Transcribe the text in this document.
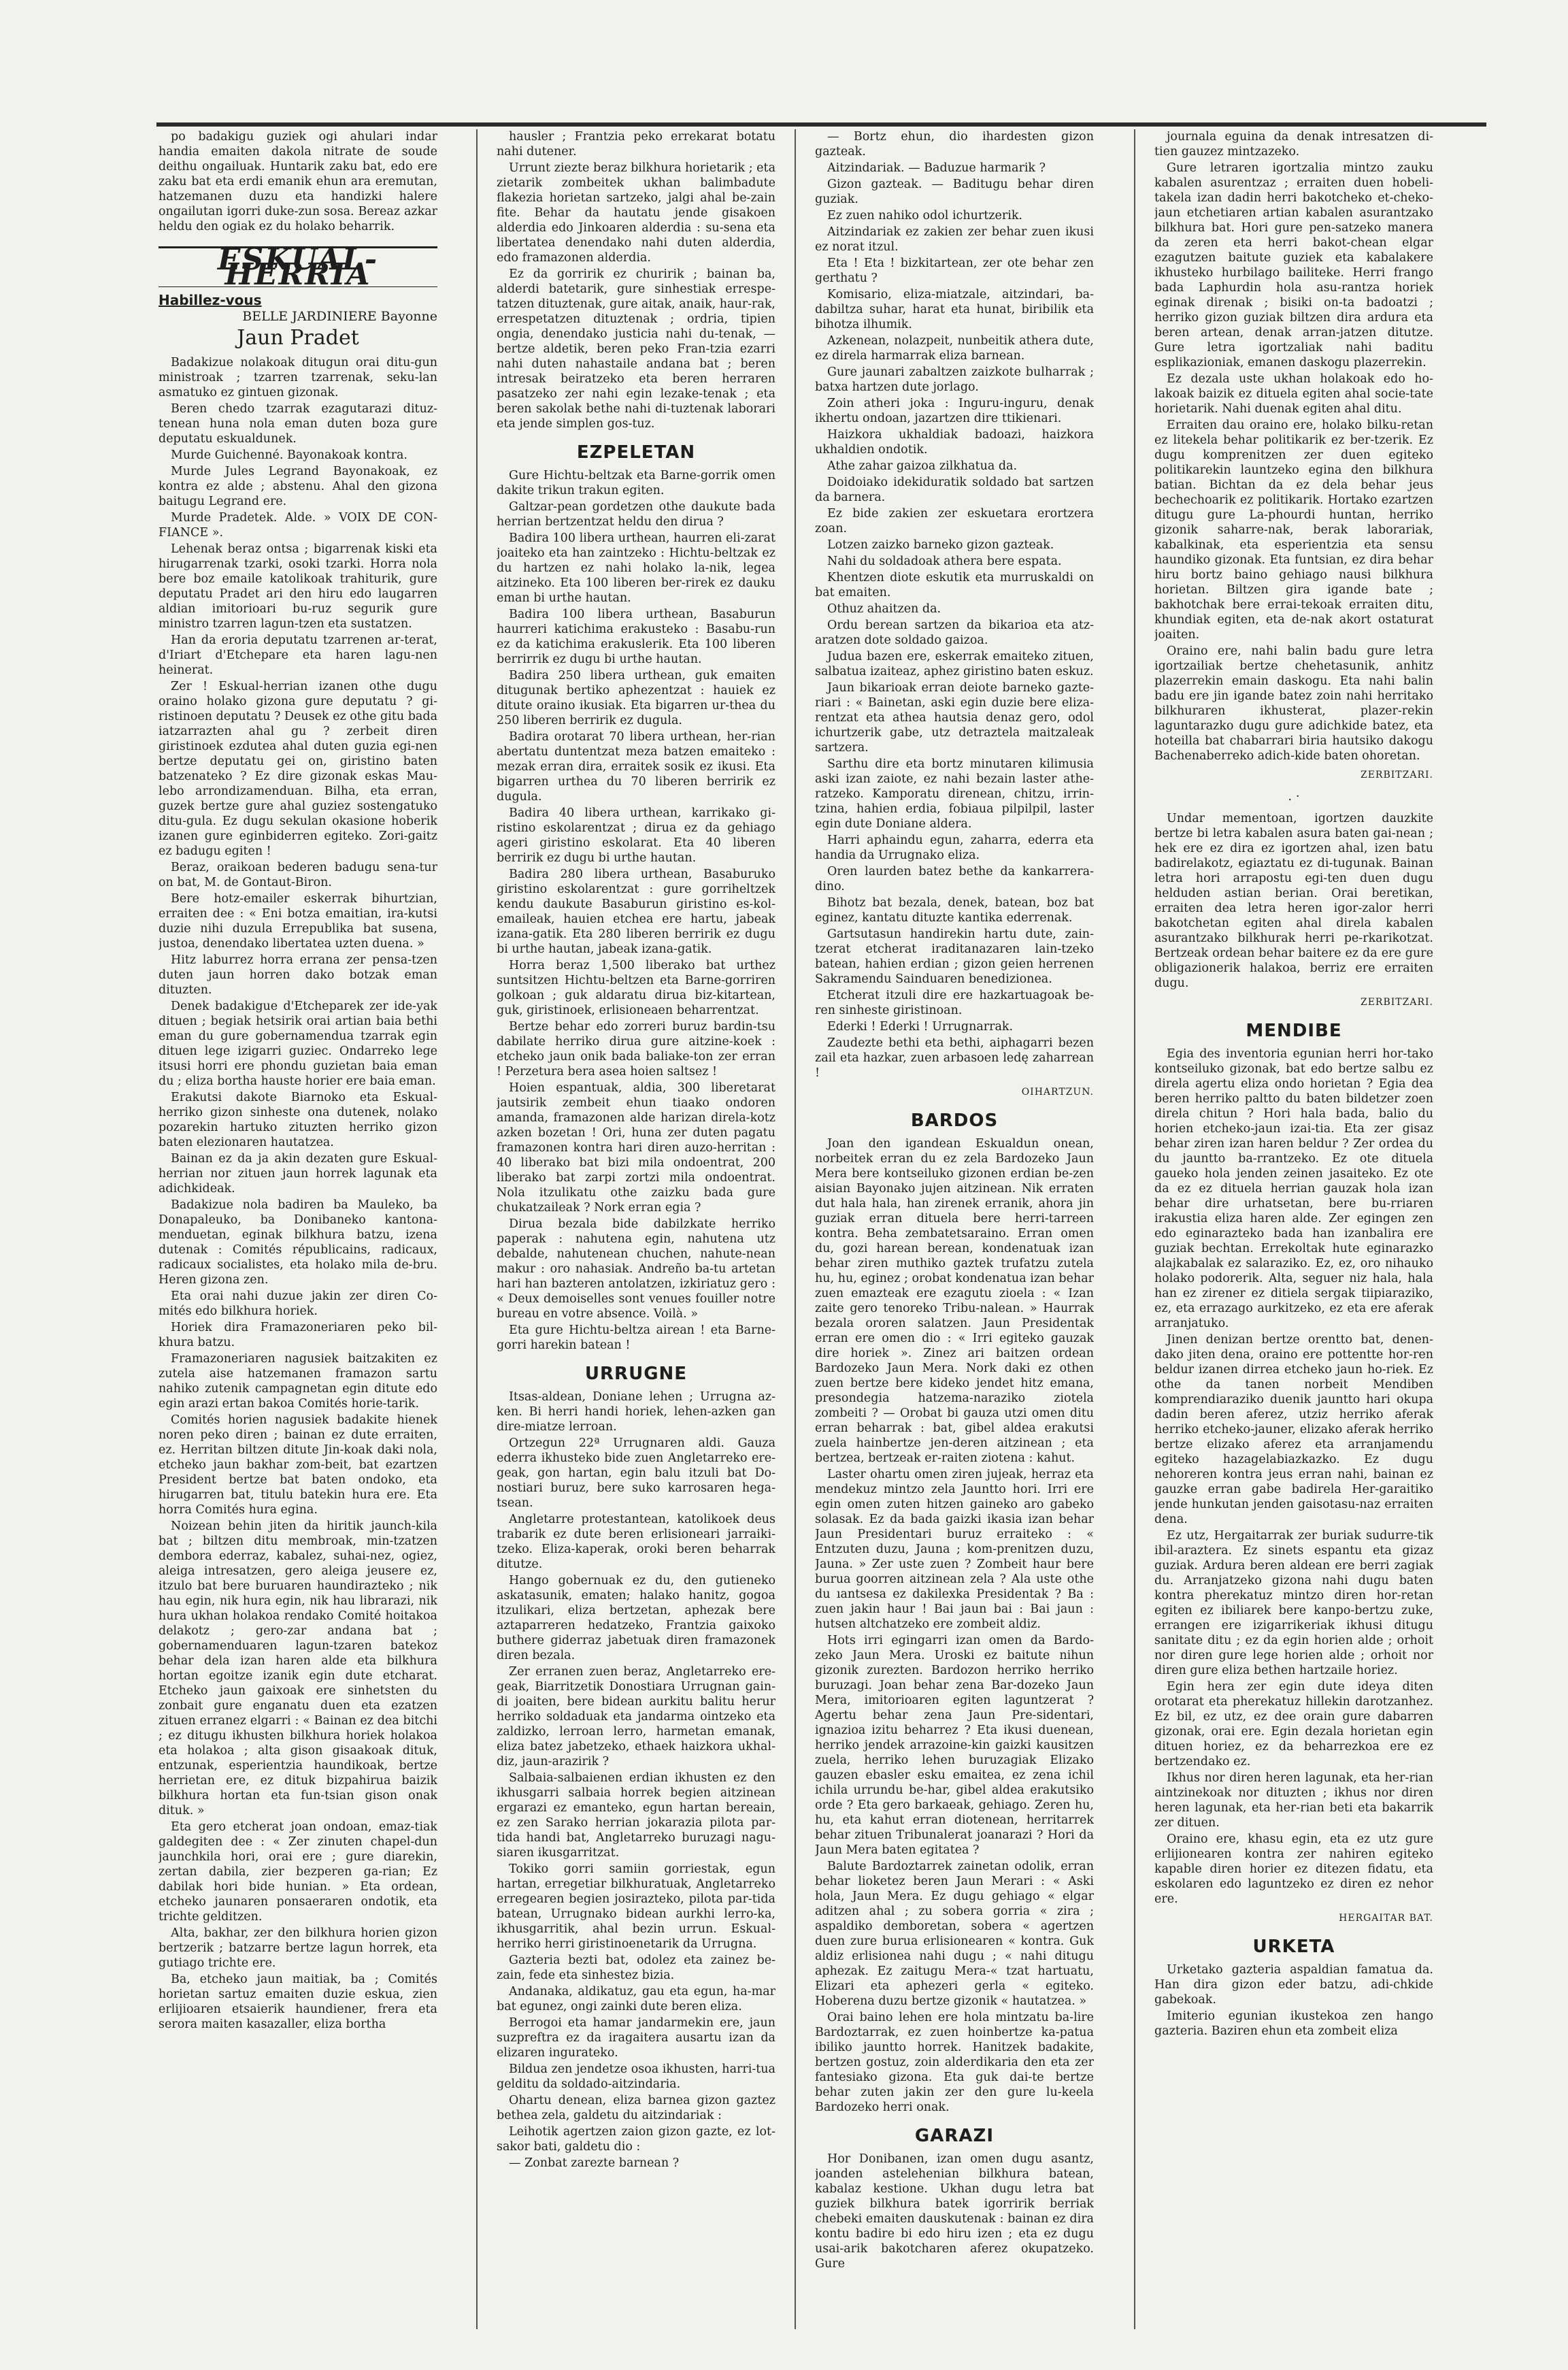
po badakigu guziek ogi ahulari indar handia emaiten dakola nitrate de soude deithu ongailuak. Huntarik zaku bat, edo ere zaku bat eta erdi emanik ehun ara eremutan, hatzemanen duzu eta handizki halere ongailutan igorri duke-zun sosa. Bereaz azkar heldu den ogiak ez du holako beharrik.

ESKUAL-HERRIA
Habillez-vous
BELLE JARDINIERE Bayonne
Jaun Pradet

Badakizue nolakoak ditugun orai ditu-gun ministroak ; tzarren tzarrenak, seku-lan asmatuko ez gintuen gizonak.

Beren chedo tzarrak ezagutarazi dituz-tenean huna nola eman duten boza gure deputatu eskualdunek.

Murde Guichenné. Bayonakoak kontra.

Murde Jules Legrand Bayonakoak, ez kontra ez alde ; abstenu. Ahal den gizona baitugu Legrand ere.

Murde Pradetek. Alde. » VOIX DE CON-FIANCE ».

Lehenak beraz ontsa ; bigarrenak kiski eta hirugarrenak tzarki, osoki tzarki. Horra nola bere boz emaile katolikoak trahiturik, gure deputatu Pradet ari den hiru edo laugarren aldian imitorioari bu-ruz segurik gure ministro tzarren lagun-tzen eta sustatzen.

Han da eroria deputatu tzarrenen ar-terat, d'Iriart d'Etchepare eta haren lagu-nen heinerat.

Zer ! Eskual-herrian izanen othe dugu oraino holako gizona gure deputatu ? gi-ristinoen deputatu ? Deusek ez othe gitu bada iatzarrazten ahal gu ? zerbeit diren giristinoek ezdutea ahal duten guzia egi-nen bertze deputatu gei on, giristino baten batzenateko ? Ez dire gizonak eskas Mau-lebo arrondizamenduan. Bilha, eta erran, guzek bertze gure ahal guziez sostengatuko ditu-gula. Ez dugu sekulan okasione hoberik izanen gure eginbiderren egiteko. Zori-gaitz ez badugu egiten !

Beraz, oraikoan bederen badugu sena-tur on bat, M. de Gontaut-Biron.

Bere hotz-emailer eskerrak bihurtzian, erraiten dee : « Eni botza emaitian, ira-kutsi duzie nihi duzula Errepublika bat susena, justoa, denendako libertatea uzten duena. »

Hitz laburrez horra errana zer pensa-tzen duten jaun horren dako botzak eman dituzten.

Denek badakigue d'Etcheparek zer ide-yak dituen ; begiak hetsirik orai artian baia bethi eman du gure gobernamendua tzarrak egin dituen lege izigarri guziec. Ondarreko lege itsusi horri ere phondu guzietan baia eman du ; eliza bortha hauste horier ere baia eman.

Erakutsi dakote Biarnoko eta Eskual-herriko gizon sinheste ona dutenek, nolako pozarekin hartuko zituzten herriko gizon baten elezionaren hautatzea.

Bainan ez da ja akin dezaten gure Eskual-herrian nor zituen jaun horrek lagunak eta adichkideak.

Badakizue nola badiren ba Mauleko, ba Donapaleuko, ba Donibaneko kantona-menduetan, eginak bilkhura batzu, izena dutenak : Comités républicains, radicaux, radicaux socialistes, eta holako mila de-bru. Heren gizona zen.

Eta orai nahi duzue jakin zer diren Co-mités edo bilkhura horiek.

Horiek dira Framazoneriaren peko bil-khura batzu.

Framazoneriaren nagusiek baitzakiten ez zutela aise hatzemanen framazon sartu nahiko zutenik campagnetan egin ditute edo egin arazi ertan bakoa Comités horie-tarik.

Comités horien nagusiek badakite hienek noren peko diren ; bainan ez dute erraiten, ez. Herritan biltzen ditute Jin-koak daki nola, etcheko jaun bakhar zom-beit, bat ezartzen President bertze bat baten ondoko, eta hirugarren bat, titulu batekin hura ere. Eta horra Comités hura egina.

Noizean behin jiten da hiritik jaunch-kila bat ; biltzen ditu membroak, min-tzatzen dembora ederraz, kabalez, suhai-nez, ogiez, aleiga intresatzen, gero aleiga jeusere ez, itzulo bat bere buruaren haundirazteko ; nik hau egin, nik hura egin, nik hau librarazi, nik hura ukhan holakoa rendako Comité hoitakoa delakotz ; gero-zar andana bat ; gobernamenduaren lagun-tzaren batekoz behar dela izan haren alde eta bilkhura hortan egoitze izanik egin dute etcharat. Etcheko jaun gaixoak ere sinhetsten du zonbait gure enganatu duen eta ezatzen zituen erranez elgarri : « Bainan ez dea bitchi ; ez ditugu ikhusten bilkhura horiek holakoa eta holakoa ; alta gison gisaakoak dituk, entzunak, esperientzia haundikoak, bertze herrietan ere, ez dituk bizpahirua baizik bilkhura hortan eta fun-tsian gison onak dituk. »

Eta gero etcherat joan ondoan, emaz-tiak galdegiten dee : « Zer zinuten chapel-dun jaunchkila hori, orai ere ; gure diarekin, zertan dabila, zier bezperen ga-rian; Ez dabilak hori bide hunian. » Eta ordean, etcheko jaunaren ponsaeraren ondotik, eta trichte gelditzen.

Alta, bakhar, zer den bilkhura horien gizon bertzerik ; batzarre bertze lagun horrek, eta gutiago trichte ere.

Ba, etcheko jaun maitiak, ba ; Comités horietan sartuz emaiten duzie eskua, zien erlijioaren etsaierik haundiener, frera eta serora maiten kasazaller, eliza bortha

hausler ; Frantzia peko errekarat botatu nahi dutener.

Urrunt ziezte beraz bilkhura horietarik ; eta zietarik zombeitek ukhan balimbadute flakezia horietan sartzeko, jalgi ahal be-zain fite. Behar da hautatu jende gisakoen alderdia edo Jinkoaren alderdia : su-sena eta libertatea denendako nahi duten alderdia, edo framazonen alderdia.

Ez da gorririk ez churirik ; bainan ba, alderdi batetarik, gure sinhestiak errespe-tatzen dituztenak, gure aitak, anaik, haur-rak, errespetatzen dituztenak ; ordria, tipien ongia, denendako justicia nahi du-tenak, — bertze aldetik, beren peko Fran-tzia ezarri nahi duten nahastaile andana bat ; beren intresak beiratzeko eta beren herraren pasatzeko zer nahi egin lezake-tenak ; eta beren sakolak bethe nahi di-tuztenak laborari eta jende simplen gos-tuz.

EZPELETAN

Gure Hichtu-beltzak eta Barne-gorrik omen dakite trikun trakun egiten.

Galtzar-pean gordetzen othe daukute bada herrian bertzentzat heldu den dirua ?

Badira 100 libera urthean, haurren eli-zarat joaiteko eta han zaintzeko : Hichtu-beltzak ez du hartzen ez nahi holako la-nik, legea aitzineko. Eta 100 liberen ber-rirek ez dauku eman bi urthe hautan.

Badira 100 libera urthean, Basaburun haurreri katichima erakusteko : Basabu-run ez da katichima erakuslerik. Eta 100 liberen berrirrik ez dugu bi urthe hautan.

Badira 250 libera urthean, guk emaiten ditugunak bertiko aphezentzat : hauiek ez ditute oraino ikusiak. Eta bigarren ur-thea du 250 liberen berririk ez dugula.

Badira orotarat 70 libera urthean, her-rian abertatu duntentzat meza batzen emaiteko : mezak erran dira, erraitek sosik ez ikusi. Eta bigarren urthea du 70 liberen berririk ez dugula.

Badira 40 libera urthean, karrikako gi-ristino eskolarentzat ; dirua ez da gehiago ageri giristino eskolarat. Eta 40 liberen berririk ez dugu bi urthe hautan.

Badira 280 libera urthean, Basaburuko giristino eskolarentzat : gure gorriheltzek kendu daukute Basaburun giristino es-kol-emaileak, hauien etchea ere hartu, jabeak izana-gatik. Eta 280 liberen berririk ez dugu bi urthe hautan, jabeak izana-gatik.

Horra beraz 1,500 liberako bat urthez suntsitzen Hichtu-beltzen eta Barne-gorriren golkoan ; guk aldaratu dirua biz-kitartean, guk, giristinoek, erlisioneaen beharrentzat.

Bertze behar edo zorreri buruz bardin-tsu dabilate herriko dirua gure aitzine-koek : etcheko jaun onik bada baliake-ton zer erran ! Perzetura bera asea hoien saltsez !

Hoien espantuak, aldia, 300 liberetarat jautsirik zembeit ehun tiaako ondoren amanda, framazonen alde harizan direla-kotz azken bozetan ! Ori, huna zer duten pagatu framazonen kontra hari diren auzo-herritan : 40 liberako bat bizi mila ondoentrat, 200 liberako bat zarpi zortzi mila ondoentrat. Nola itzulikatu othe zaizku bada gure chukatzaileak ? Nork erran egia ?

Dirua bezala bide dabilzkate herriko paperak : nahutena egin, nahutena utz debalde, nahutenean chuchen, nahute-nean makur : oro nahasiak. Andreño ba-tu artetan hari han bazteren antolatzen, izkiriatuz gero : « Deux demoiselles sont venues fouiller notre bureau en votre absence. Voilà. »

Eta gure Hichtu-beltza airean ! eta Barne-gorri harekin batean !

URRUGNE

Itsas-aldean, Doniane lehen ; Urrugna az-ken. Bi herri handi horiek, lehen-azken gan dire-miatze lerroan.

Ortzegun 22ª Urrugnaren aldi. Gauza ederra ikhusteko bide zuen Angletarreko ere-geak, gon hartan, egin balu itzuli bat Do-nostiari buruz, bere suko karrosaren hega-tsean.

Angletarre protestantean, katolikoek deus trabarik ez dute beren erlisioneari jarraiki-tzeko. Eliza-kaperak, oroki beren beharrak ditutze.

Hango gobernuak ez du, den gutieneko askatasunik, ematen; halako hanitz, gogoa itzulikari, eliza bertzetan, aphezak bere aztaparreren hedatzeko, Frantzia gaixoko buthere giderraz jabetuak diren framazonek diren bezala.

Zer erranen zuen beraz, Angletarreko ere-geak, Biarritzetik Donostiara Urrugnan gain-di joaiten, bere bidean aurkitu balitu herur herriko soldaduak eta jandarma ointzeko eta zaldizko, lerroan lerro, harmetan emanak, eliza batez jabetzeko, ethaek haizkora ukhal-diz, jaun-arazirik ?

Salbaia-salbaienen erdian ikhusten ez den ikhusgarri salbaia horrek begien aitzinean ergarazi ez emanteko, egun hartan bereain, ez zen Sarako herrian jokarazia pilota par-tida handi bat, Angletarreko buruzagi nagu-siaren ikusgarritzat.

Tokiko gorri samiin gorriestak, egun hartan, erregetiar bilkhuratuak, Angletarreko erregearen begien josirazteko, pilota par-tida batean, Urrugnako bidean aurkhi lerro-ka, ikhusgarritik, ahal bezin urrun. Eskual-herriko herri giristinoenetarik da Urrugna.

Gazteria bezti bat, odolez eta zainez be-zain, fede eta sinhestez bizia.

Andanaka, aldikatuz, gau eta egun, ha-mar bat egunez, ongi zainki dute beren eliza.

Berrogoi eta hamar jandarmekin ere, jaun suzpreftra ez da iragaitera ausartu izan da elizaren ingurateko.

Bildua zen jendetze osoa ikhusten, harri-tua gelditu da soldado-aitzindaria.

Ohartu denean, eliza barnea gizon gaztez bethea zela, galdetu du aitzindariak :

Leihotik agertzen zaion gizon gazte, ez lot-sakor bati, galdetu dio :

— Zonbat zarezte barnean ?

— Bortz ehun, dio ihardesten gizon gazteak.

Aitzindariak. — Baduzue harmarik ?

Gizon gazteak. — Baditugu behar diren guziak.

Ez zuen nahiko odol ichurtzerik.

Aitzindariak ez zakien zer behar zuen ikusi ez norat itzul.

Eta ! Eta ! bizkitartean, zer ote behar zen gerthatu ?

Komisario, eliza-miatzale, aitzindari, ba-dabiltza suhar, harat eta hunat, biribilik eta bihotza ilhumik.

Azkenean, nolazpeit, nunbeitik athera dute, ez direla harmarrak eliza barnean.

Gure jaunari zabaltzen zaizkote bulharrak ; batxa hartzen dute jorlago.

Zoin atheri joka : Inguru-inguru, denak ikhertu ondoan, jazartzen dire ttikienari.

Haizkora ukhaldiak badoazi, haizkora ukhaldien ondotik.

Athe zahar gaizoa zilkhatua da.

Doidoiako idekiduratik soldado bat sartzen da barnera.

Ez bide zakien zer eskuetara erortzera zoan.

Lotzen zaizko barneko gizon gazteak.

Nahi du soldadoak athera bere espata.

Khentzen diote eskutik eta murruskaldi on bat emaiten.

Othuz ahaitzen da.

Ordu berean sartzen da bikarioa eta atz-aratzen dote soldado gaizoa.

Judua bazen ere, eskerrak emaiteko zituen, salbatua izaiteaz, aphez giristino baten eskuz.

Jaun bikarioak erran deiote barneko gazte-riari : « Bainetan, aski egin duzie bere eliza-rentzat eta athea hautsia denaz gero, odol ichurtzerik gabe, utz detraztela maitzaleak sartzera.

Sarthu dire eta bortz minutaren kilimusia aski izan zaiote, ez nahi bezain laster athe-ratzeko. Kamporatu direnean, chitzu, irrin-tzina, hahien erdia, fobiaua pilpilpil, laster egin dute Doniane aldera.

Harri aphaindu egun, zaharra, ederra eta handia da Urrugnako eliza.

Oren laurden batez bethe da kankarrera-dino.

Bihotz bat bezala, denek, batean, boz bat eginez, kantatu dituzte kantika ederrenak.

Gartsutasun handirekin hartu dute, zain-tzerat etcherat iraditanazaren lain-tzeko batean, hahien erdian ; gizon geien herrenen Sakramendu Sainduaren benedizionea.

Etcherat itzuli dire ere hazkartuagoak be-ren sinheste giristinoan.

Ederki ! Ederki ! Urrugnarrak.

Zaudezte bethi eta bethi, aiphagarri bezen zail eta hazkar, zuen arbasoen ledę zaharrean !

OIHARTZUN.
BARDOS

Joan den igandean Eskualdun onean, norbeitek erran du ez zela Bardozeko Jaun Mera bere kontseiluko gizonen erdian be-zen aisian Bayonako jujen aitzinean. Nik erraten dut hala hala, han zirenek erranik, ahora jin guziak erran dituela bere herri-tarreen kontra. Beha zembatetsaraino. Erran omen du, gozi harean berean, kondenatuak izan behar ziren muthiko gaztek trufatzu zutela hu, hu, eginez ; orobat kondenatua izan behar zuen emazteak ere ezagutu zioela : « Izan zaite gero tenoreko Tribu-nalean. » Haurrak bezala ororen salatzen. Jaun Presidentak erran ere omen dio : « Irri egiteko gauzak dire horiek ». Zinez ari baitzen ordean Bardozeko Jaun Mera. Nork daki ez othen zuen bertze bere kideko jendet hitz emana, presondegia hatzema-naraziko ziotela zombeiti ? — Orobat bi gauza utzi omen ditu erran beharrak : bat, gibel aldea erakutsi zuela hainbertze jen-deren aitzinean ; eta bertzea, bertzeak er-raiten ziotena : kahut.

Laster ohartu omen ziren jujeak, herraz eta mendekuz mintzo zela Jauntto hori. Irri ere egin omen zuten hitzen gaineko aro gabeko solasak. Ez da bada gaizki ikasia izan behar Jaun Presidentari buruz erraiteko : « Entzuten duzu, Jauna ; kom-prenitzen duzu, Jauna. » Zer uste zuen ? Zombeit haur bere burua goorren aitzinean zela ? Ala uste othe du ıantsesa ez dakilexka Presidentak ? Ba : zuen jakin haur ! Bai jaun bai : Bai jaun : hutsen altchatzeko ere zombeit aldiz.

Hots irri egingarri izan omen da Bardo-zeko Jaun Mera. Uroski ez baitute nihun gizonik zurezten. Bardozon herriko herriko buruzagi. Joan behar zena Bar-dozeko Jaun Mera, imitorioaren egiten laguntzerat ? Agertu behar zena Jaun Pre-sidentari, ignazioa izitu beharrez ? Eta ikusi duenean, herriko jendek arrazoine-kin gaizki kausitzen zuela, herriko lehen buruzagiak Elizako gauzen ebasler esku emaitea, ez zena ichil ichila urrundu be-har, gibel aldea erakutsiko orde ? Eta gero barkaeak, gehiago. Zeren hu, hu, eta kahut erran diotenean, herritarrek behar zituen Tribunalerat joanarazi ? Hori da Jaun Mera baten egitatea ?

Balute Bardoztarrek zainetan odolik, erran behar lioketez beren Jaun Merari : « Aski hola, Jaun Mera. Ez dugu gehiago « elgar aditzen ahal ; zu sobera gorria « zira ; aspaldiko demboretan, sobera « agertzen duen zure burua erlisionearen « kontra. Guk aldiz erlisionea nahi dugu ; « nahi ditugu aphezak. Ez zaitugu Mera-« tzat hartuatu, Elizari eta aphezeri gerla « egiteko. Hoberena duzu bertze gizonik « hautatzea. »

Orai baino lehen ere hola mintzatu ba-lire Bardoztarrak, ez zuen hoinbertze ka-patua ibiliko jauntto horrek. Hanitzek badakite, bertzen gostuz, zoin alderdikaria den eta zer fantesiako gizona. Eta guk dai-te bertze behar zuten jakin zer den gure lu-keela Bardozeko herri onak.

GARAZI

Hor Donibanen, izan omen dugu asantz, joanden astelehenian bilkhura batean, kabalaz kestione. Ukhan dugu letra bat guziek bilkhura batek igorririk berriak chebeki emaiten dauskutenak : bainan ez dira kontu badire bi edo hiru izen ; eta ez dugu usai-arik bakotcharen aferez okupatzeko. Gure

journala eguina da denak intresatzen di-tien gauzez mintzazeko.

Gure letraren igortzalia mintzo zauku kabalen asurentzaz ; erraiten duen hobeli-takela izan dadin herri bakotcheko et-cheko-jaun etchetiaren artian kabalen asurantzako bilkhura bat. Hori gure pen-satzeko manera da zeren eta herri bakot-chean elgar ezagutzen baitute guziek eta kabalakere ikhusteko hurbilago bailiteke. Herri frango bada Laphurdin hola asu-rantza horiek eginak direnak ; bisiki on-ta badoatzi ; herriko gizon guziak biltzen dira ardura eta beren artean, denak arran-jatzen ditutze. Gure letra igortzaliak nahi baditu esplikazioniak, emanen daskogu plazerrekin.

Ez dezala uste ukhan holakoak edo ho-lakoak baizik ez dituela egiten ahal socie-tate horietarik. Nahi duenak egiten ahal ditu.

Erraiten dau oraino ere, holako bilku-retan ez litekela behar politikarik ez ber-tzerik. Ez dugu komprenitzen zer duen egiteko politikarekin launtzeko egina den bilkhura batian. Bichtan da ez dela behar jeus bechechoarik ez politikarik. Hortako ezartzen ditugu gure La-phourdi huntan, herriko gizonik saharre-nak, berak laborariak, kabalkinak, eta esperientzia eta sensu haundiko gizonak. Eta funtsian, ez dira behar hiru bortz baino gehiago nausi bilkhura horietan. Biltzen gira igande bate ; bakhotchak bere errai-tekoak erraiten ditu, khundiak egiten, eta de-nak akort ostaturat joaiten.

Oraino ere, nahi balin badu gure letra igortzailiak bertze chehetasunik, anhitz plazerrekin emain daskogu. Eta nahi balin badu ere jin igande batez zoin nahi herritako bilkhuraren ikhusterat, plazer-rekin laguntarazko dugu gure adichkide batez, eta hoteilla bat chabarrari biria hautsiko dakogu Bachenaberreko adich-kide baten ohoretan.

ZERBITZARI.
. ·

Undar mementoan, igortzen dauzkite bertze bi letra kabalen asura baten gai-nean ; hek ere ez dira ez igortzen ahal, izen batu badirelakotz, egiaztatu ez di-tugunak. Bainan letra hori arrapostu egi-ten duen dugu helduden astian berian. Orai beretikan, erraiten dea letra heren igor-zalor herri bakotchetan egiten ahal direla kabalen asurantzako bilkhurak herri pe-rkarikotzat. Bertzeak ordean behar baitere ez da ere gure obligazionerik halakoa, berriz ere erraiten dugu.

ZERBITZARI.
MENDIBE

Egia des inventoria egunian herri hor-tako kontseiluko gizonak, bat edo bertze salbu ez direla agertu eliza ondo horietan ? Egia dea beren herriko paltto du baten bildetzer zoen direla chitun ? Hori hala bada, balio du horien etcheko-jaun izai-tia. Eta zer gisaz behar ziren izan haren beldur ? Zer ordea du du jauntto ba-rrantzeko. Ez ote dituela gaueko hola jenden zeinen jasaiteko. Ez ote da ez ez dituela herrian gauzak hola izan behar dire urhatsetan, bere bu-rriaren irakustia eliza haren alde. Zer egingen zen edo eginarazteko bada han izanbalira ere guziak bechtan. Errekoltak hute eginarazko alajkabalak ez salaraziko. Ez, ez, oro nihauko holako podorerik. Alta, seguer niz hala, hala han ez zirener ez ditiela sergak tiipiaraziko, ez, eta errazago aurkitzeko, ez eta ere aferak arranjatuko.

Jinen denizan bertze orentto bat, denen-dako jiten dena, oraino ere pottentte hor-ren beldur izanen dirrea etcheko jaun ho-riek. Ez othe da tanen norbeit Mendiben komprendiaraziko duenik jauntto hari okupa dadin beren aferez, utziz herriko aferak herriko etcheko-jauner, elizako aferak herriko bertze elizako aferez eta arranjamendu egiteko hazagelabiazkazko. Ez dugu nehoreren kontra jeus erran nahi, bainan ez gauzke erran gabe badirela Her-garaitiko jende hunkutan jenden gaisotasu-naz erraiten dena.

Ez utz, Hergaitarrak zer buriak sudurre-tik ibil-araztera. Ez sinets espantu eta gizaz guziak. Ardura beren aldean ere berri zagiak du. Arranjatzeko gizona nahi dugu baten kontra pherekatuz mintzo diren hor-retan egiten ez ibiliarek bere kanpo-bertzu zuke, errangen ere izigarrikeriak ikhusi ditugu sanitate ditu ; ez da egin horien alde ; orhoit nor diren gure lege horien alde ; orhoit nor diren gure eliza bethen hartzaile horiez.

Egin hera zer egin dute ideya diten orotarat eta pherekatuz hillekin darotzanhez. Ez bil, ez utz, ez dee orain gure dabarren gizonak, orai ere. Egin dezala horietan egin dituen horiez, ez da beharrezkoa ere ez bertzendako ez.

Ikhus nor diren heren lagunak, eta her-rian aintzinekoak nor dituzten ; ikhus nor diren heren lagunak, eta her-rian beti eta bakarrik zer dituen.

Oraino ere, khasu egin, eta ez utz gure erlijionearen kontra zer nahiren egiteko kapable diren horier ez ditezen fidatu, eta eskolaren edo laguntzeko ez diren ez nehor ere.

HERGAITAR BAT.
URKETA

Urketako gazteria aspaldian famatua da. Han dira gizon eder batzu, adi-chkide gabekoak.

Imiterio egunian ikustekoa zen hango gazteria. Baziren ehun eta zombeit eliza
